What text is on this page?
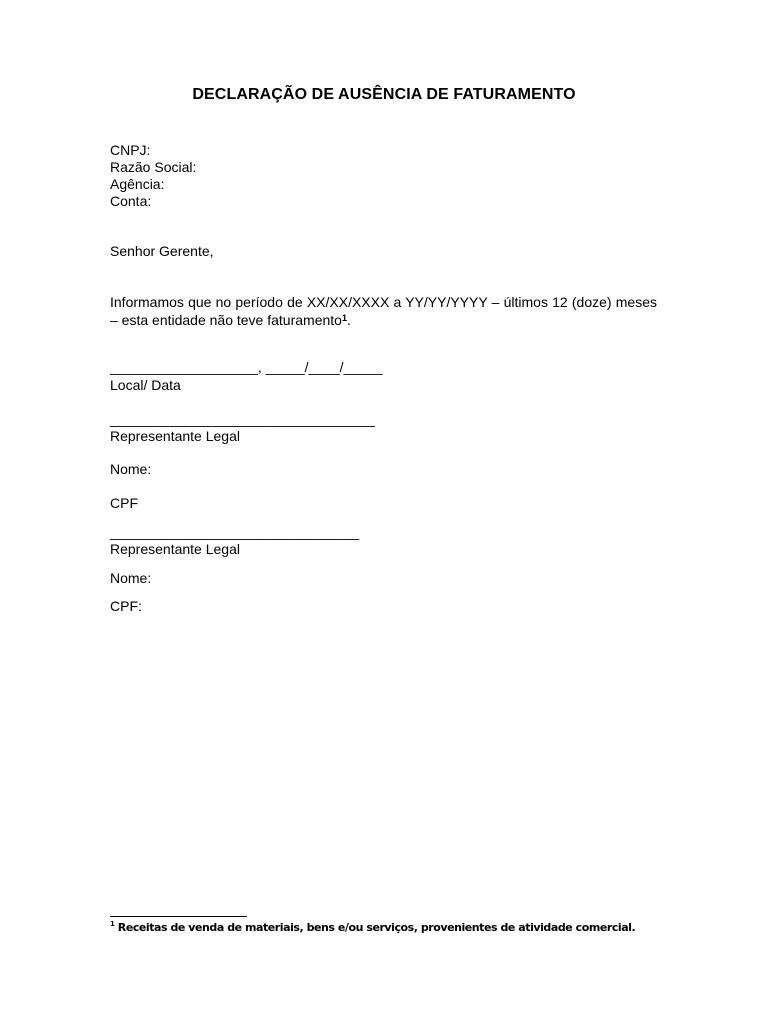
DECLARAÇÃO DE AUSÊNCIA DE FATURAMENTO
CNPJ:
Razão Social:
Agência:
Conta:
Senhor Gerente,
Informamos que no período de XX/XX/XXXX a YY/YY/YYYY – últimos 12 (doze) meses – esta entidade não teve faturamento$^1$.
___________________, _____/____/_____
Local/ Data
__________________________________
Representante Legal
Nome:
CPF
________________________________
Representante Legal
Nome:
CPF:
$^1$ Receitas de venda de materiais, bens e/ou serviços, provenientes de atividade comercial.
